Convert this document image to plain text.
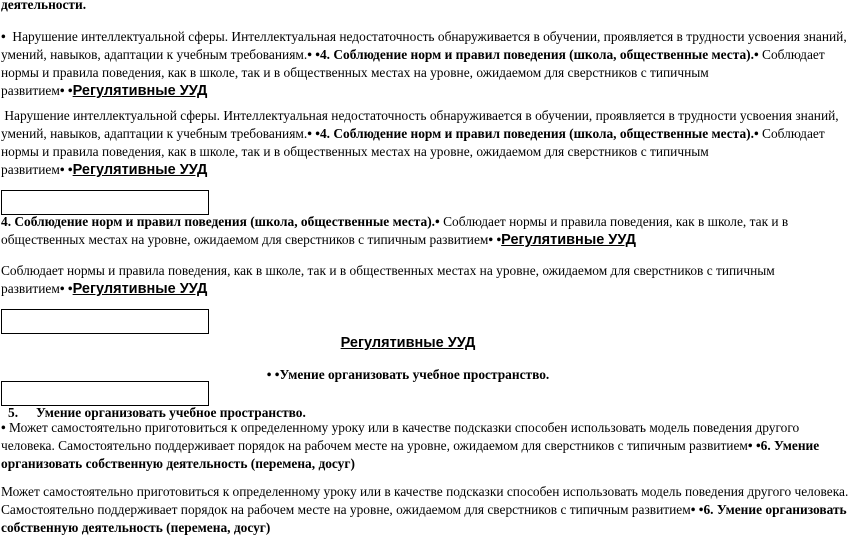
деятельности.

• Нарушение интеллектуальной сферы. Интеллектуальная недостаточность обнаруживается в обучении, проявляется в трудности усвоения знаний,

умений, навыков, адаптации к учебным требованиям.• •4. Соблюдение норм и правил поведения (школа, общественные места).• Соблюдает

нормы и правила поведения, как в школе, так и в общественных местах на уровне, ожидаемом для сверстников с типичным

развитием• •Регулятивные УУД

Нарушение интеллектуальной сферы. Интеллектуальная недостаточность обнаруживается в обучении, проявляется в трудности усвоения знаний,

умений, навыков, адаптации к учебным требованиям.• •4. Соблюдение норм и правил поведения (школа, общественные места).• Соблюдает

нормы и правила поведения, как в школе, так и в общественных местах на уровне, ожидаемом для сверстников с типичным

развитием• •Регулятивные УУД

4. Соблюдение норм и правил поведения (школа, общественные места).• Соблюдает нормы и правила поведения, как в школе, так и в

общественных местах на уровне, ожидаемом для сверстников с типичным развитием• •Регулятивные УУД

Соблюдает нормы и правила поведения, как в школе, так и в общественных местах на уровне, ожидаемом для сверстников с типичным

развитием• •Регулятивные УУД

Регулятивные УУД
• •Умение организовать учебное пространство.

5. Умение организовать учебное пространство.

• Может самостоятельно приготовиться к определенному уроку или в качестве подсказки способен использовать модель поведения другого

человека. Самостоятельно поддерживает порядок на рабочем месте на уровне, ожидаемом для сверстников с типичным развитием• •6. Умение

организовать собственную деятельность (перемена, досуг)

Может самостоятельно приготовиться к определенному уроку или в качестве подсказки способен использовать модель поведения другого человека.

Самостоятельно поддерживает порядок на рабочем месте на уровне, ожидаемом для сверстников с типичным развитием• •6. Умение организовать

собственную деятельность (перемена, досуг)
